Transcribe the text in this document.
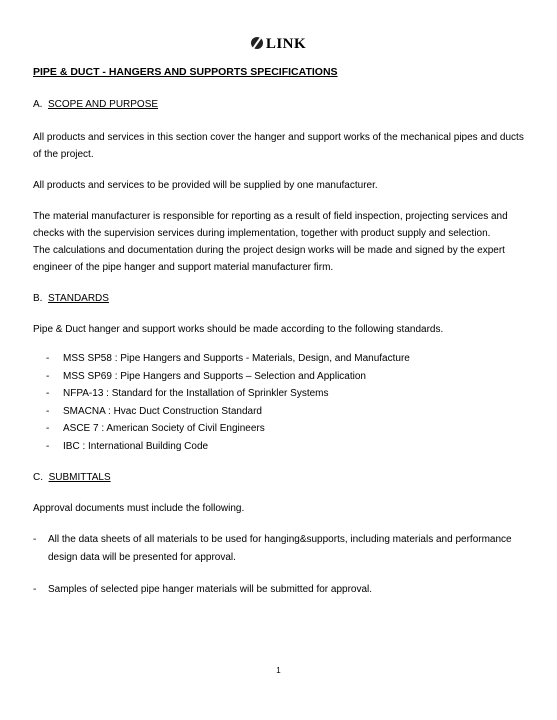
LINK

PIPE & DUCT - HANGERS AND SUPPORTS SPECIFICATIONS

A. SCOPE AND PURPOSE

All products and services in this section cover the hanger and support works of the mechanical pipes and ducts of the project.

All products and services to be provided will be supplied by one manufacturer.

The material manufacturer is responsible for reporting as a result of field inspection, projecting services and checks with the supervision services during implementation, together with product supply and selection.

The calculations and documentation during the project design works will be made and signed by the expert engineer of the pipe hanger and support material manufacturer firm.

B. STANDARDS

Pipe & Duct hanger and support works should be made according to the following standards.

- MSS SP58 : Pipe Hangers and Supports - Materials, Design, and Manufacture
- MSS SP69 : Pipe Hangers and Supports – Selection and Application
- NFPA-13 : Standard for the Installation of Sprinkler Systems
- SMACNA : Hvac Duct Construction Standard
- ASCE 7 : American Society of Civil Engineers
- IBC : International Building Code
C. SUBMITTALS

Approval documents must include the following.

- All the data sheets of all materials to be used for hanging&supports, including materials and performance design data will be presented for approval.
- Samples of selected pipe hanger materials will be submitted for approval.
1
